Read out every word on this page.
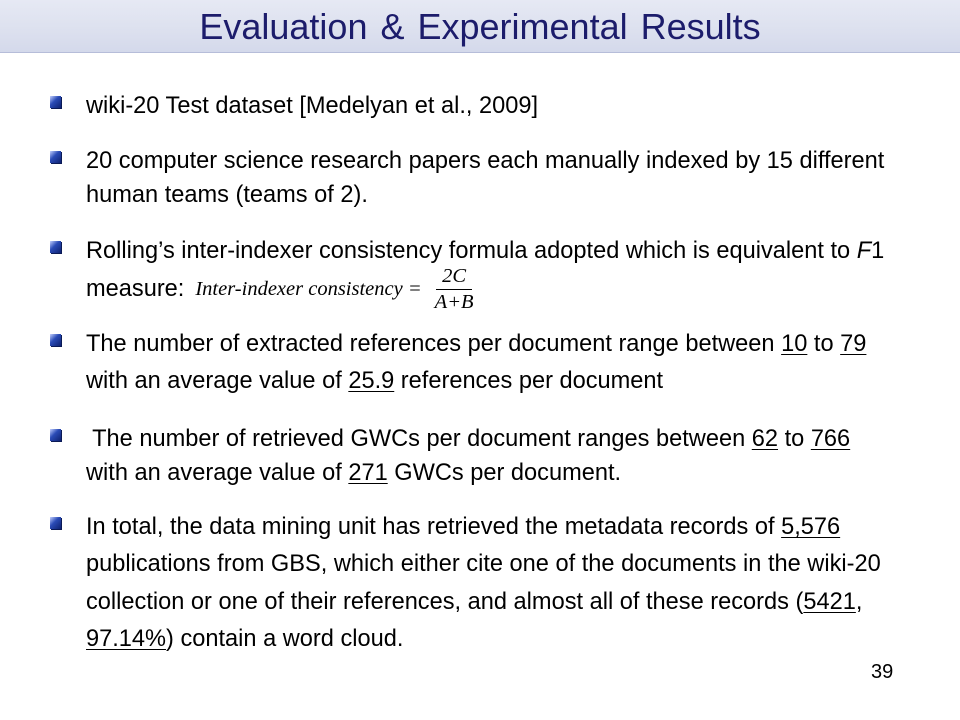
Evaluation & Experimental Results
wiki-20 Test dataset [Medelyan et al., 2009]
20 computer science research papers each manually indexed by 15 different
human teams (teams of 2).
Rolling’s inter-indexer consistency formula adopted which is equivalent to F1
measure: Inter-indexer consistency = $\frac{2C}{A+B}$
The number of extracted references per document range between 10 to 79
with an average value of 25.9 references per document
The number of retrieved GWCs per document ranges between 62 to 766
with an average value of 271 GWCs per document.
In total, the data mining unit has retrieved the metadata records of 5,576
publications from GBS, which either cite one of the documents in the wiki-20
collection or one of their references, and almost all of these records (5421,
97.14%) contain a word cloud.
39
